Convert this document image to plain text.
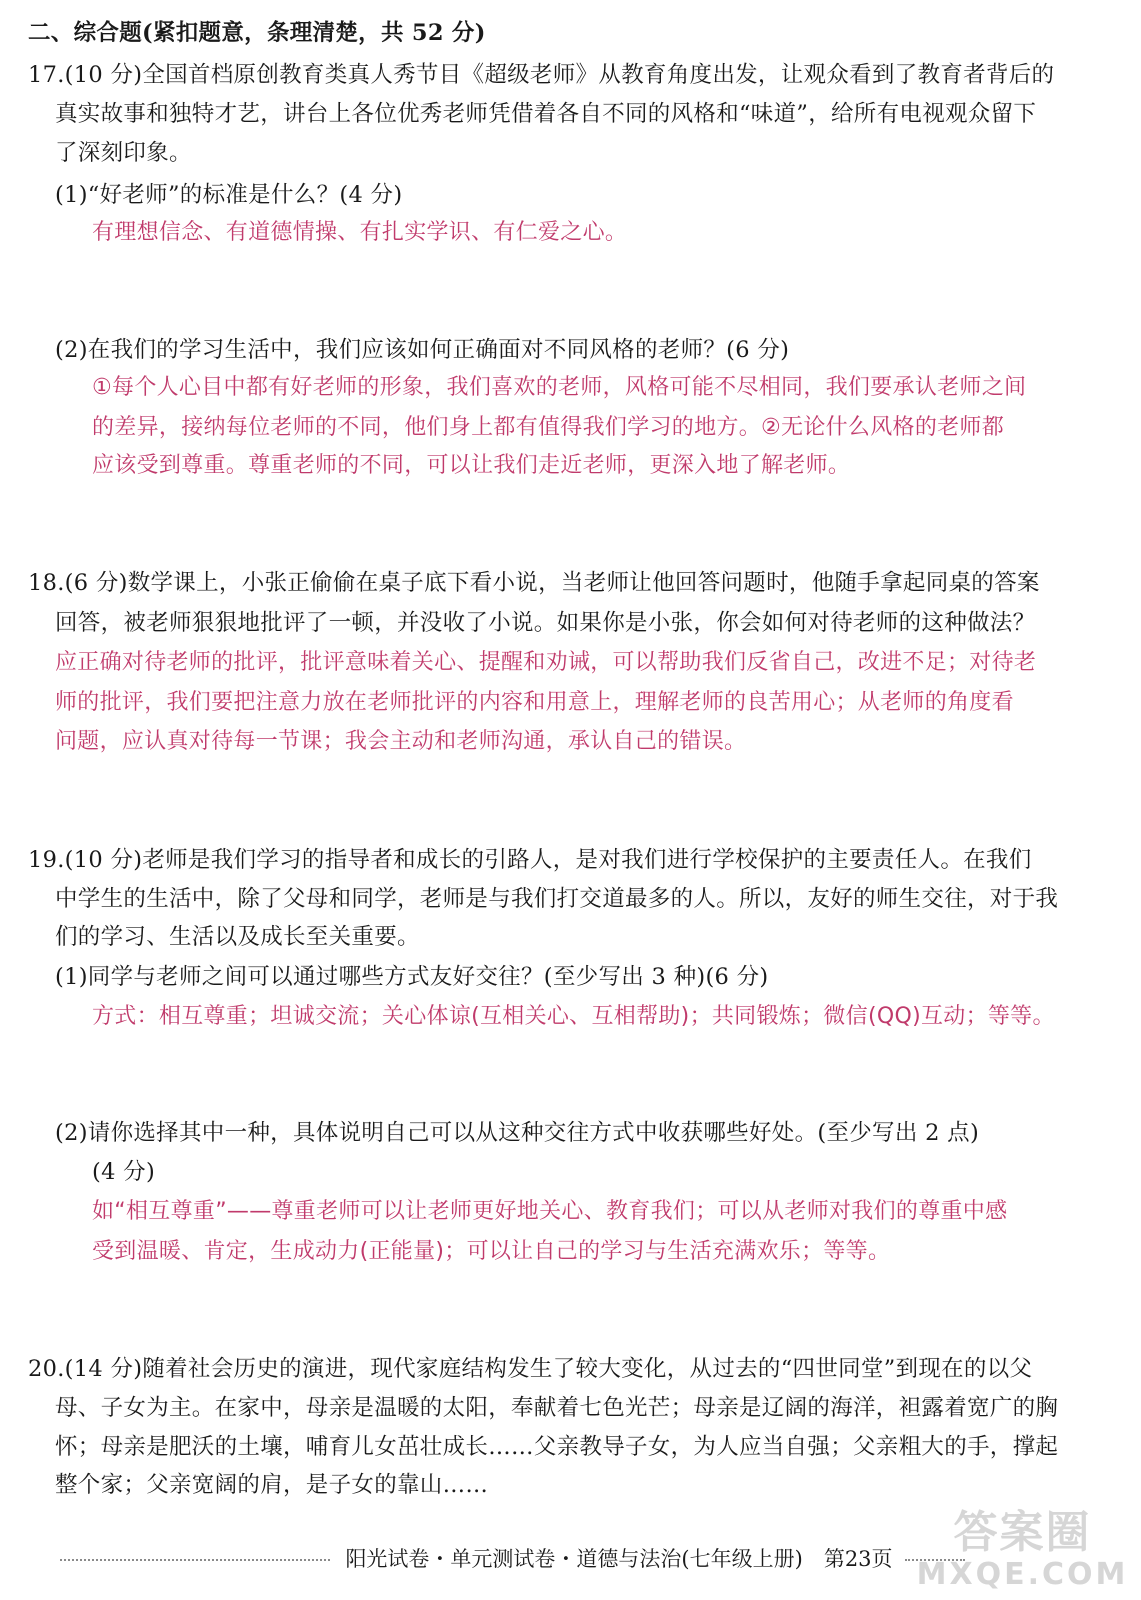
二、综合题(紧扣题意，条理清楚，共 52 分)
17.(10 分)全国首档原创教育类真人秀节目《超级老师》从教育角度出发，让观众看到了教育者背后的
真实故事和独特才艺，讲台上各位优秀老师凭借着各自不同的风格和“味道”，给所有电视观众留下
了深刻印象。
(1)“好老师”的标准是什么？(4 分)
有理想信念、有道德情操、有扎实学识、有仁爱之心。
(2)在我们的学习生活中，我们应该如何正确面对不同风格的老师？(6 分)
①每个人心目中都有好老师的形象，我们喜欢的老师，风格可能不尽相同，我们要承认老师之间
的差异，接纳每位老师的不同，他们身上都有值得我们学习的地方。②无论什么风格的老师都
应该受到尊重。尊重老师的不同，可以让我们走近老师，更深入地了解老师。
18.(6 分)数学课上，小张正偷偷在桌子底下看小说，当老师让他回答问题时，他随手拿起同桌的答案
回答，被老师狠狠地批评了一顿，并没收了小说。如果你是小张，你会如何对待老师的这种做法？
应正确对待老师的批评，批评意味着关心、提醒和劝诫，可以帮助我们反省自己，改进不足；对待老
师的批评，我们要把注意力放在老师批评的内容和用意上，理解老师的良苦用心；从老师的角度看
问题，应认真对待每一节课；我会主动和老师沟通，承认自己的错误。
19.(10 分)老师是我们学习的指导者和成长的引路人，是对我们进行学校保护的主要责任人。在我们
中学生的生活中，除了父母和同学，老师是与我们打交道最多的人。所以，友好的师生交往，对于我
们的学习、生活以及成长至关重要。
(1)同学与老师之间可以通过哪些方式友好交往？(至少写出 3 种)(6 分)
方式：相互尊重；坦诚交流；关心体谅(互相关心、互相帮助)；共同锻炼；微信(QQ)互动；等等。
(2)请你选择其中一种，具体说明自己可以从这种交往方式中收获哪些好处。(至少写出 2 点)
(4 分)
如“相互尊重”——尊重老师可以让老师更好地关心、教育我们；可以从老师对我们的尊重中感
受到温暖、肯定，生成动力(正能量)；可以让自己的学习与生活充满欢乐；等等。
20.(14 分)随着社会历史的演进，现代家庭结构发生了较大变化，从过去的“四世同堂”到现在的以父
母、子女为主。在家中，母亲是温暖的太阳，奉献着七色光芒；母亲是辽阔的海洋，袒露着宽广的胸
怀；母亲是肥沃的土壤，哺育儿女茁壮成长……父亲教导子女，为人应当自强；父亲粗大的手，撑起
整个家；父亲宽阔的肩，是子女的靠山……
阳光试卷・单元测试卷・道德与法治(七年级上册)　第23页
答案圈
MXQE.COM
